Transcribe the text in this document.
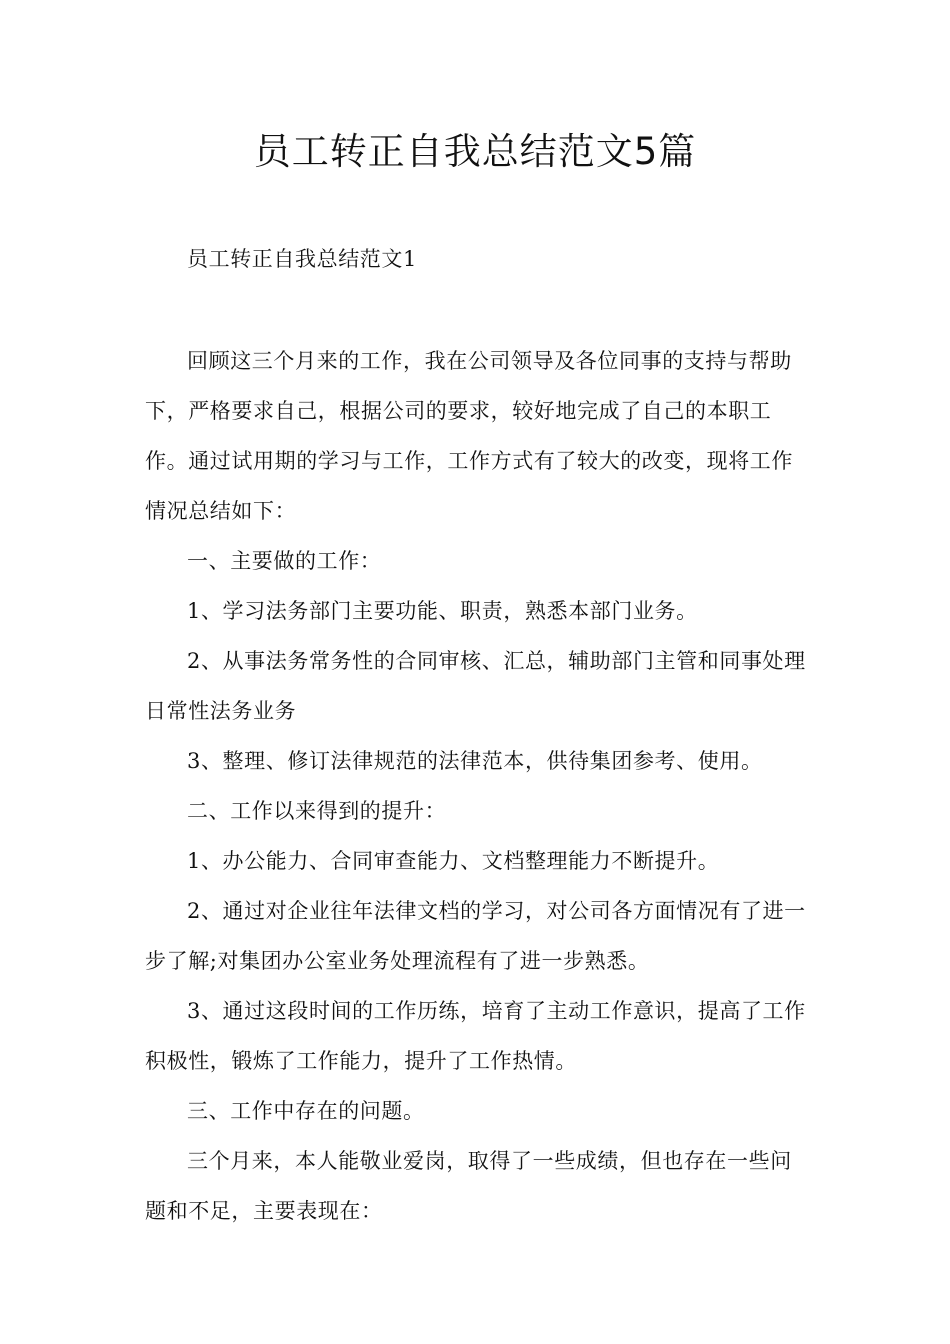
员工转正自我总结范文5篇

员工转正自我总结范文1

回顾这三个月来的工作，我在公司领导及各位同事的支持与帮助下，严格要求自己，根据公司的要求，较好地完成了自己的本职工作。通过试用期的学习与工作，工作方式有了较大的改变，现将工作情况总结如下：

一、主要做的工作：

1、学习法务部门主要功能、职责，熟悉本部门业务。

2、从事法务常务性的合同审核、汇总，辅助部门主管和同事处理日常性法务业务

3、整理、修订法律规范的法律范本，供待集团参考、使用。

二、工作以来得到的提升：

1、办公能力、合同审查能力、文档整理能力不断提升。

2、通过对企业往年法律文档的学习，对公司各方面情况有了进一步了解;对集团办公室业务处理流程有了进一步熟悉。

3、通过这段时间的工作历练，培育了主动工作意识，提高了工作积极性，锻炼了工作能力，提升了工作热情。

三、工作中存在的问题。

三个月来，本人能敬业爱岗，取得了一些成绩，但也存在一些问题和不足，主要表现在：
